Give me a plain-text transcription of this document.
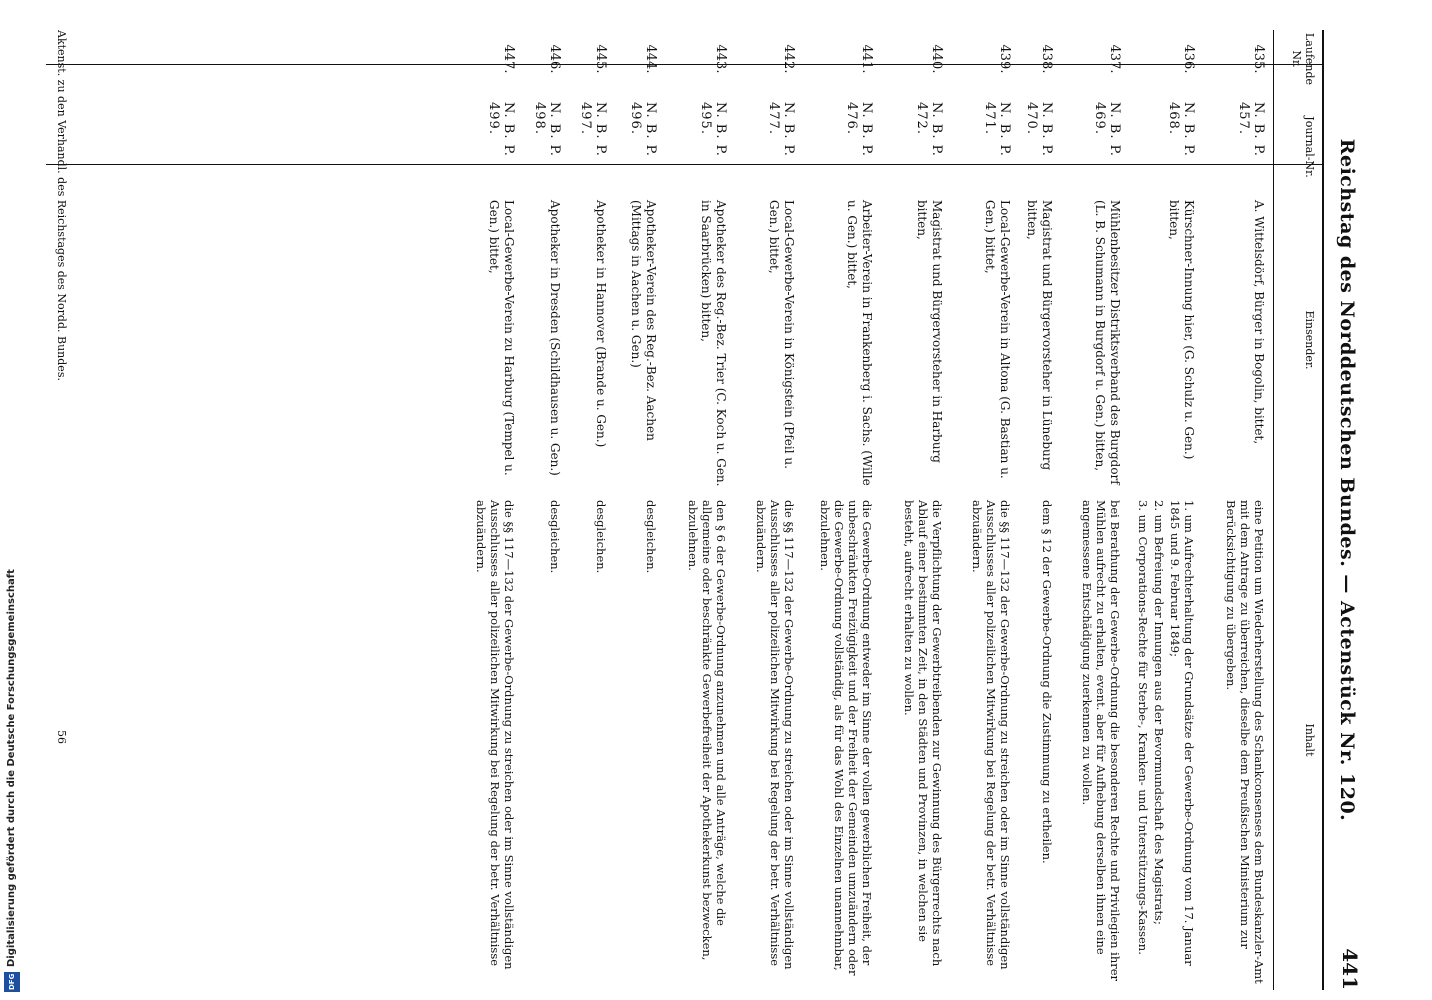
Digitalisierung gefördert durch die Deutsche Forschungsgemeinschaft
DFG
Reichstag des Norddeutschen Bundes. — Actenstück Nr. 120.
441
Laufende Nr.
Journal-Nr.
Einsender.
Inhalt
435.
N. B. P. 457.
A. Wittelsdörf, Bürger in Bogolin, bittet,
eine Petition um Wiederherstellung des Schankconsenses dem Bundeskanzler-Amt mit dem Antrage zu überreichen, dieselbe dem Preußischen Ministerium zur Berücksichtigung zu übergeben.
436.
N. B. P. 468.
Kürschner-Innung hier, (G. Schulz u. Gen.) bitten,
1. um Aufrechterhaltung der Grundsätze der Gewerbe-Ordnung vom 17. Januar 1845 und 9. Februar 1849;
2. um Befreiung der Innungen aus der Bevormundschaft des Magistrats;
3. um Corporations-Rechte für Sterbe-, Kranken- und Unterstützungs-Kassen.
437.
N. B. P. 469.
Mühlenbesitzer Distriktsverband des Burgdorf (L. B. Schumann in Burgdorf u. Gen.) bitten,
bei Berathung der Gewerbe-Ordnung die besonderen Rechte und Privilegien ihrer Mühlen aufrecht zu erhalten, event. aber für Aufhebung derselben ihnen eine angemessene Entschädigung zuerkennen zu wollen.
438.
N. B. P. 470.
Magistrat und Bürgervorsteher in Lüneburg bitten,
dem § 12 der Gewerbe-Ordnung die Zustimmung zu ertheilen.
439.
N. B. P. 471.
Local-Gewerbe-Verein in Altona (G. Bastian u. Gen.) bittet,
die §§ 117—132 der Gewerbe-Ordnung zu streichen oder im Sinne vollständigen Ausschlusses aller polizeilichen Mitwirkung bei Regelung der betr. Verhältnisse abzuändern.
440.
N. B. P. 472.
Magistrat und Bürgervorsteher in Harburg bitten,
die Verpflichtung der Gewerbtreibenden zur Gewinnung des Bürgerrechts nach Ablauf einer bestimmten Zeit, in den Städten und Provinzen, in welchen sie besteht, aufrecht erhalten zu wollen.
441.
N. B. P. 476.
Arbeiter-Verein in Frankenberg i. Sachs. (Wille u. Gen.) bittet,
die Gewerbe-Ordnung entweder im Sinne der vollen gewerblichen Freiheit, der unbeschränkten Freizügigkeit und der Freiheit der Gemeinden umzuändern oder die Gewerbe-Ordnung vollständig, als für das Wohl des Einzelnen unannehmbar, abzulehnen.
442.
N. B. P. 477.
Local-Gewerbe-Verein in Königstein (Pfeil u. Gen.) bittet,
die §§ 117—132 der Gewerbe-Ordnung zu streichen oder im Sinne vollständigen Ausschlusses aller polizeilichen Mitwirkung bei Regelung der betr. Verhältnisse abzuändern.
443.
N. B. P. 495.
Apotheker des Reg.-Bez. Trier (C. Koch u. Gen. in Saarbrücken) bitten,
den § 6 der Gewerbe-Ordnung anzunehmen und alle Anträge, welche die allgemeine oder beschränkte Gewerbefreiheit der Apothekerkunst bezwecken, abzulehnen.
444.
N. B. P. 496.
Apotheker-Verein des Reg.-Bez. Aachen (Mittags in Aachen u. Gen.)
desgleichen.
445.
N. B. P. 497.
Apotheker in Hannover (Brande u. Gen.)
desgleichen.
446.
N. B. P. 498.
Apotheker in Dresden (Schildhausen u. Gen.)
desgleichen.
447.
N. B. P. 499.
Local-Gewerbe-Verein zu Harburg (Tempel u. Gen.) bittet,
die §§ 117—132 der Gewerbe-Ordnung zu streichen oder im Sinne vollständigen Ausschlusses aller polizeilichen Mitwirkung bei Regelung der betr. Verhältnisse abzuändern.
Aktenst. zu den Verhandl. des Reichstages des Nordd. Bundes.
56
